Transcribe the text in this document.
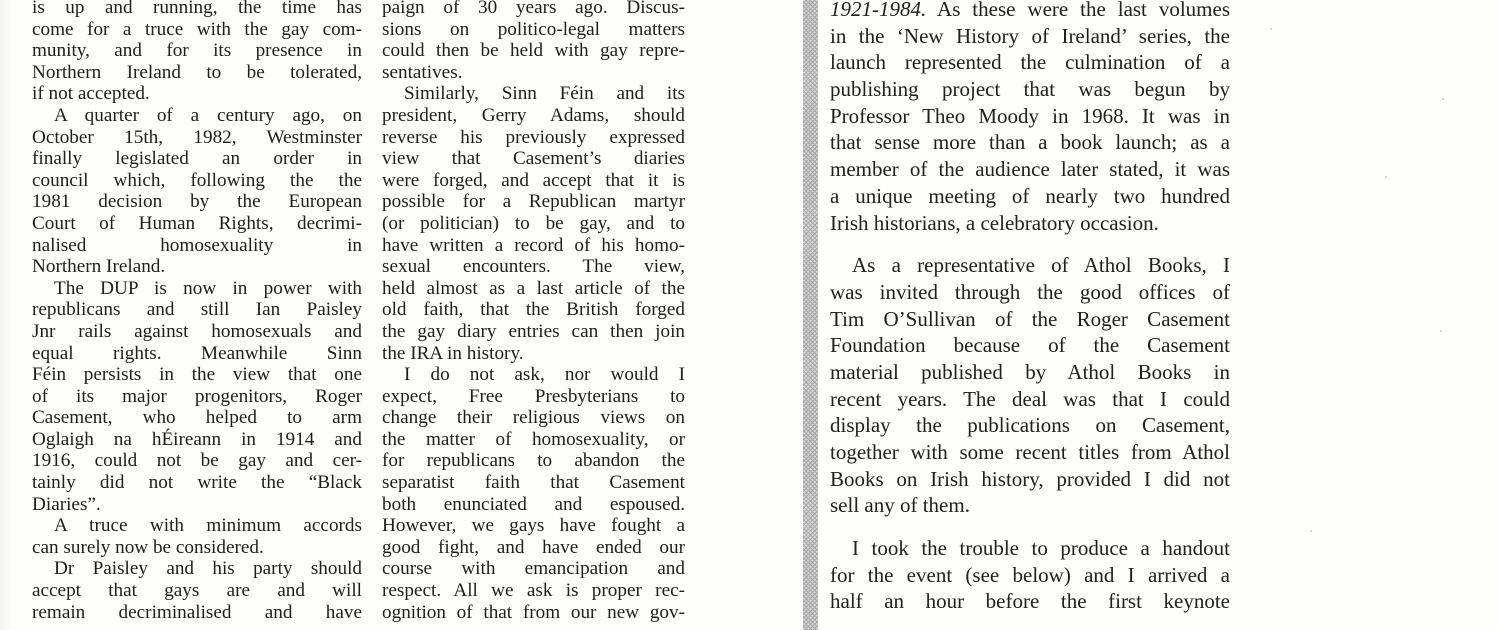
is up and running, the time has
come for a truce with the gay com-
munity, and for its presence in
Northern Ireland to be tolerated,
if not accepted.

A quarter of a century ago, on
October 15th, 1982, Westminster
finally legislated an order in
council which, following the the
1981 decision by the European
Court of Human Rights, decrimi-
nalised homosexuality in
Northern Ireland.

The DUP is now in power with
republicans and still Ian Paisley
Jnr rails against homosexuals and
equal rights. Meanwhile Sinn
Féin persists in the view that one
of its major progenitors, Roger
Casement, who helped to arm
Oglaigh na hÉireann in 1914 and
1916, could not be gay and cer-
tainly did not write the “Black
Diaries”.

A truce with minimum accords
can surely now be considered.

Dr Paisley and his party should
accept that gays are and will
remain decriminalised and have

paign of 30 years ago. Discus-
sions on politico-legal matters
could then be held with gay repre-
sentatives.

Similarly, Sinn Féin and its
president, Gerry Adams, should
reverse his previously expressed
view that Casement’s diaries
were forged, and accept that it is
possible for a Republican martyr
(or politician) to be gay, and to
have written a record of his homo-
sexual encounters. The view,
held almost as a last article of the
old faith, that the British forged
the gay diary entries can then join
the IRA in history.

I do not ask, nor would I
expect, Free Presbyterians to
change their religious views on
the matter of homosexuality, or
for republicans to abandon the
separatist faith that Casement
both enunciated and espoused.
However, we gays have fought a
good fight, and have ended our
course with emancipation and
respect. All we ask is proper rec-
ognition of that from our new gov-

1921-1984. As these were the last volumes
in the ‘New History of Ireland’ series, the
launch represented the culmination of a
publishing project that was begun by
Professor Theo Moody in 1968. It was in
that sense more than a book launch; as a
member of the audience later stated, it was
a unique meeting of nearly two hundred
Irish historians, a celebratory occasion.

As a representative of Athol Books, I
was invited through the good offices of
Tim O’Sullivan of the Roger Casement
Foundation because of the Casement
material published by Athol Books in
recent years. The deal was that I could
display the publications on Casement,
together with some recent titles from Athol
Books on Irish history, provided I did not
sell any of them.

I took the trouble to produce a handout
for the event (see below) and I arrived a
half an hour before the first keynote
